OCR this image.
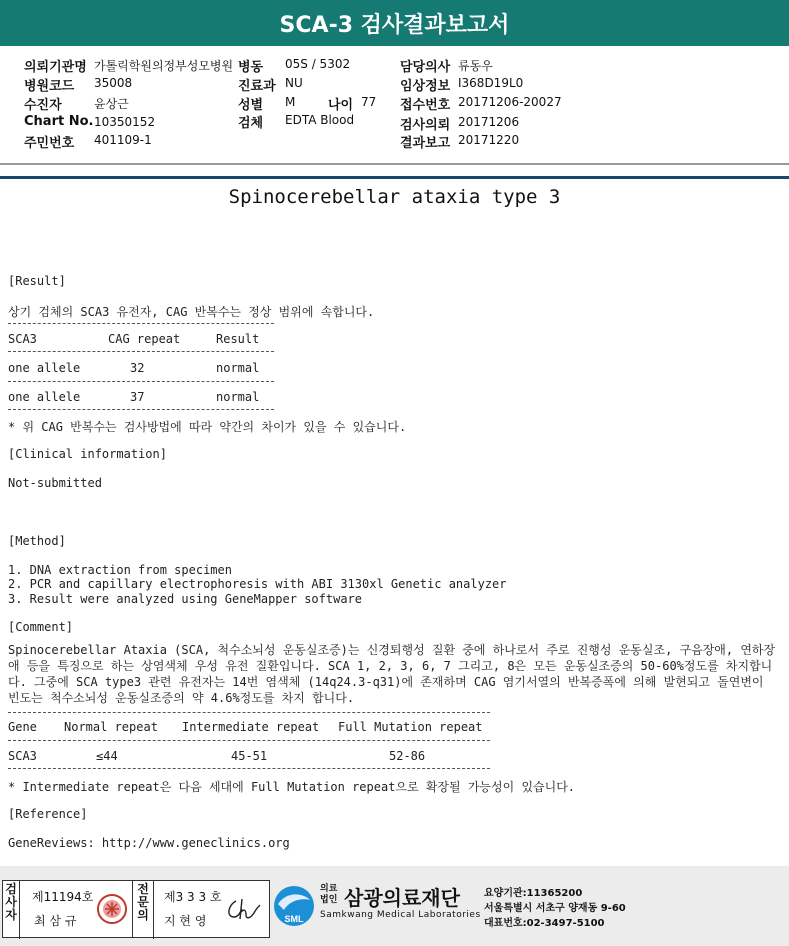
SCA-3 검사결과보고서
의뢰기관명 가톨릭학원의정부성모병원
병원코드 35008
수진자	윤상근
Chart No. 10350152
주민번호 401109-1
병동 05S / 5302
진료과 NU
성별 M	나이 77
검체 EDTA Blood
담당의사 류동우
임상정보 I368D19L0
접수번호 20171206-20027
검사의뢰 20171206
결과보고 20171220
Spinocerebellar ataxia type 3
[Result]
상기 검체의 SCA3 유전자, CAG 반복수는 정상 범위에 속합니다.
SCA3	CAG repeat	Result
one allele	32	normal
one allele	37	normal
* 위 CAG 반복수는 검사방법에 따라 약간의 차이가 있을 수 있습니다.
[Clinical information]
Not-submitted
[Method]
1. DNA extraction from specimen
2. PCR and capillary electrophoresis with ABI 3130xl Genetic analyzer
3. Result were analyzed using GeneMapper software
[Comment]
Spinocerebellar Ataxia (SCA, 척수소뇌성 운동실조증)는 신경퇴행성 질환 중에 하나로서 주로 진행성 운동실조, 구음장애, 연하장애 등을 특징으로 하는 상염색체 우성 유전 질환입니다. SCA 1, 2, 3, 6, 7 그리고, 8은 모든 운동실조증의 50-60%정도를 차지합니다. 그중에 SCA type3 관련 유전자는 14번 염색체 (14q24.3-q31)에 존재하며 CAG 염기서열의 반복증폭에 의해 발현되고 돌연변이 빈도는 척수소뇌성 운동실조증의 약 4.6%정도를 차지 합니다.
Gene Normal repeat Intermediate repeat Full Mutation repeat
SCA3	≤44	45-51	52-86
* Intermediate repeat은 다음 세대에 Full Mutation repeat으로 확장될 가능성이 있습니다.
[Reference]
GeneReviews: http://www.geneclinics.org
검사자
제11194호
최 삼 규
전문의
제3 3 3 호
지 현 영	SML
의료
법인 삼광의료재단
Samkwang Medical Laboratories
요양기관:11365200
서울특별시 서초구 양재동 9-60
대표번호:02-3497-5100
